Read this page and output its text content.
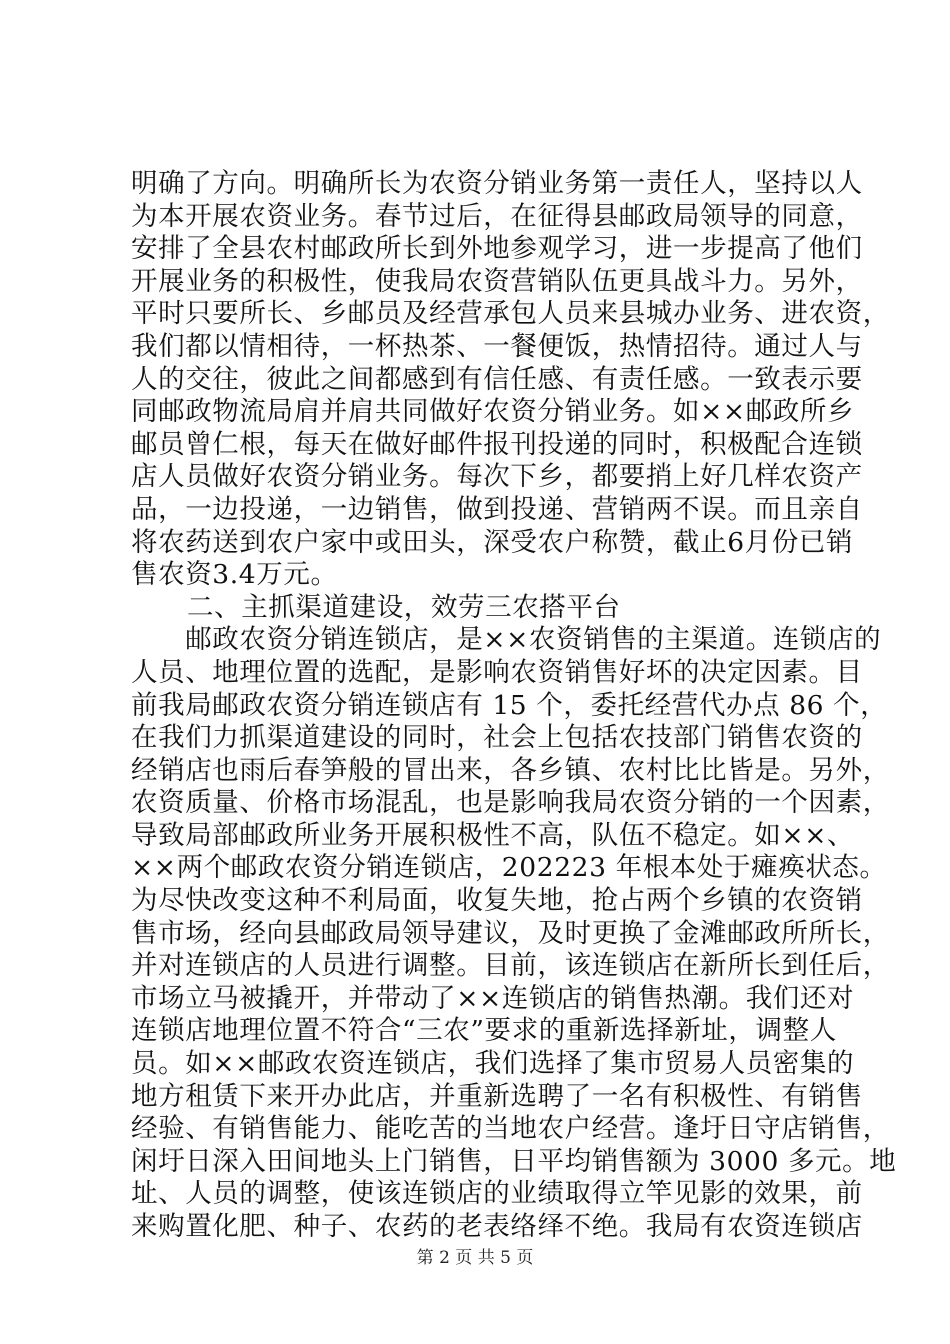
明确了方向。明确所长为农资分销业务第一责任人，坚持以人
为本开展农资业务。春节过后，在征得县邮政局领导的同意，
安排了全县农村邮政所长到外地参观学习，进一步提高了他们
开展业务的积极性，使我局农资营销队伍更具战斗力。另外，
平时只要所长、乡邮员及经营承包人员来县城办业务、进农资，
我们都以情相待，一杯热茶、一餐便饭，热情招待。通过人与
人的交往，彼此之间都感到有信任感、有责任感。一致表示要
同邮政物流局肩并肩共同做好农资分销业务。如××邮政所乡
邮员曾仁根，每天在做好邮件报刊投递的同时，积极配合连锁
店人员做好农资分销业务。每次下乡，都要捎上好几样农资产
品，一边投递，一边销售，做到投递、营销两不误。而且亲自
将农药送到农户家中或田头，深受农户称赞，截止6月份已销
售农资3.4万元。

二、主抓渠道建设，效劳三农搭平台

　　邮政农资分销连锁店，是××农资销售的主渠道。连锁店的
人员、地理位置的选配，是影响农资销售好坏的决定因素。目
前我局邮政农资分销连锁店有 15 个，委托经营代办点 86 个，
在我们力抓渠道建设的同时，社会上包括农技部门销售农资的
经销店也雨后春笋般的冒出来，各乡镇、农村比比皆是。另外，
农资质量、价格市场混乱，也是影响我局农资分销的一个因素，
导致局部邮政所业务开展积极性不高，队伍不稳定。如××、
××两个邮政农资分销连锁店，202223 年根本处于瘫痪状态。
为尽快改变这种不利局面，收复失地，抢占两个乡镇的农资销
售市场，经向县邮政局领导建议，及时更换了金滩邮政所所长，
并对连锁店的人员进行调整。目前，该连锁店在新所长到任后，
市场立马被撬开，并带动了××连锁店的销售热潮。我们还对
连锁店地理位置不符合“三农”要求的重新选择新址，调整人
员。如××邮政农资连锁店，我们选择了集市贸易人员密集的
地方租赁下来开办此店，并重新选聘了一名有积极性、有销售
经验、有销售能力、能吃苦的当地农户经营。逢圩日守店销售，
闲圩日深入田间地头上门销售，日平均销售额为 3000 多元。地
址、人员的调整，使该连锁店的业绩取得立竿见影的效果，前
来购置化肥、种子、农药的老表络绎不绝。我局有农资连锁店

第 2 页 共 5 页
